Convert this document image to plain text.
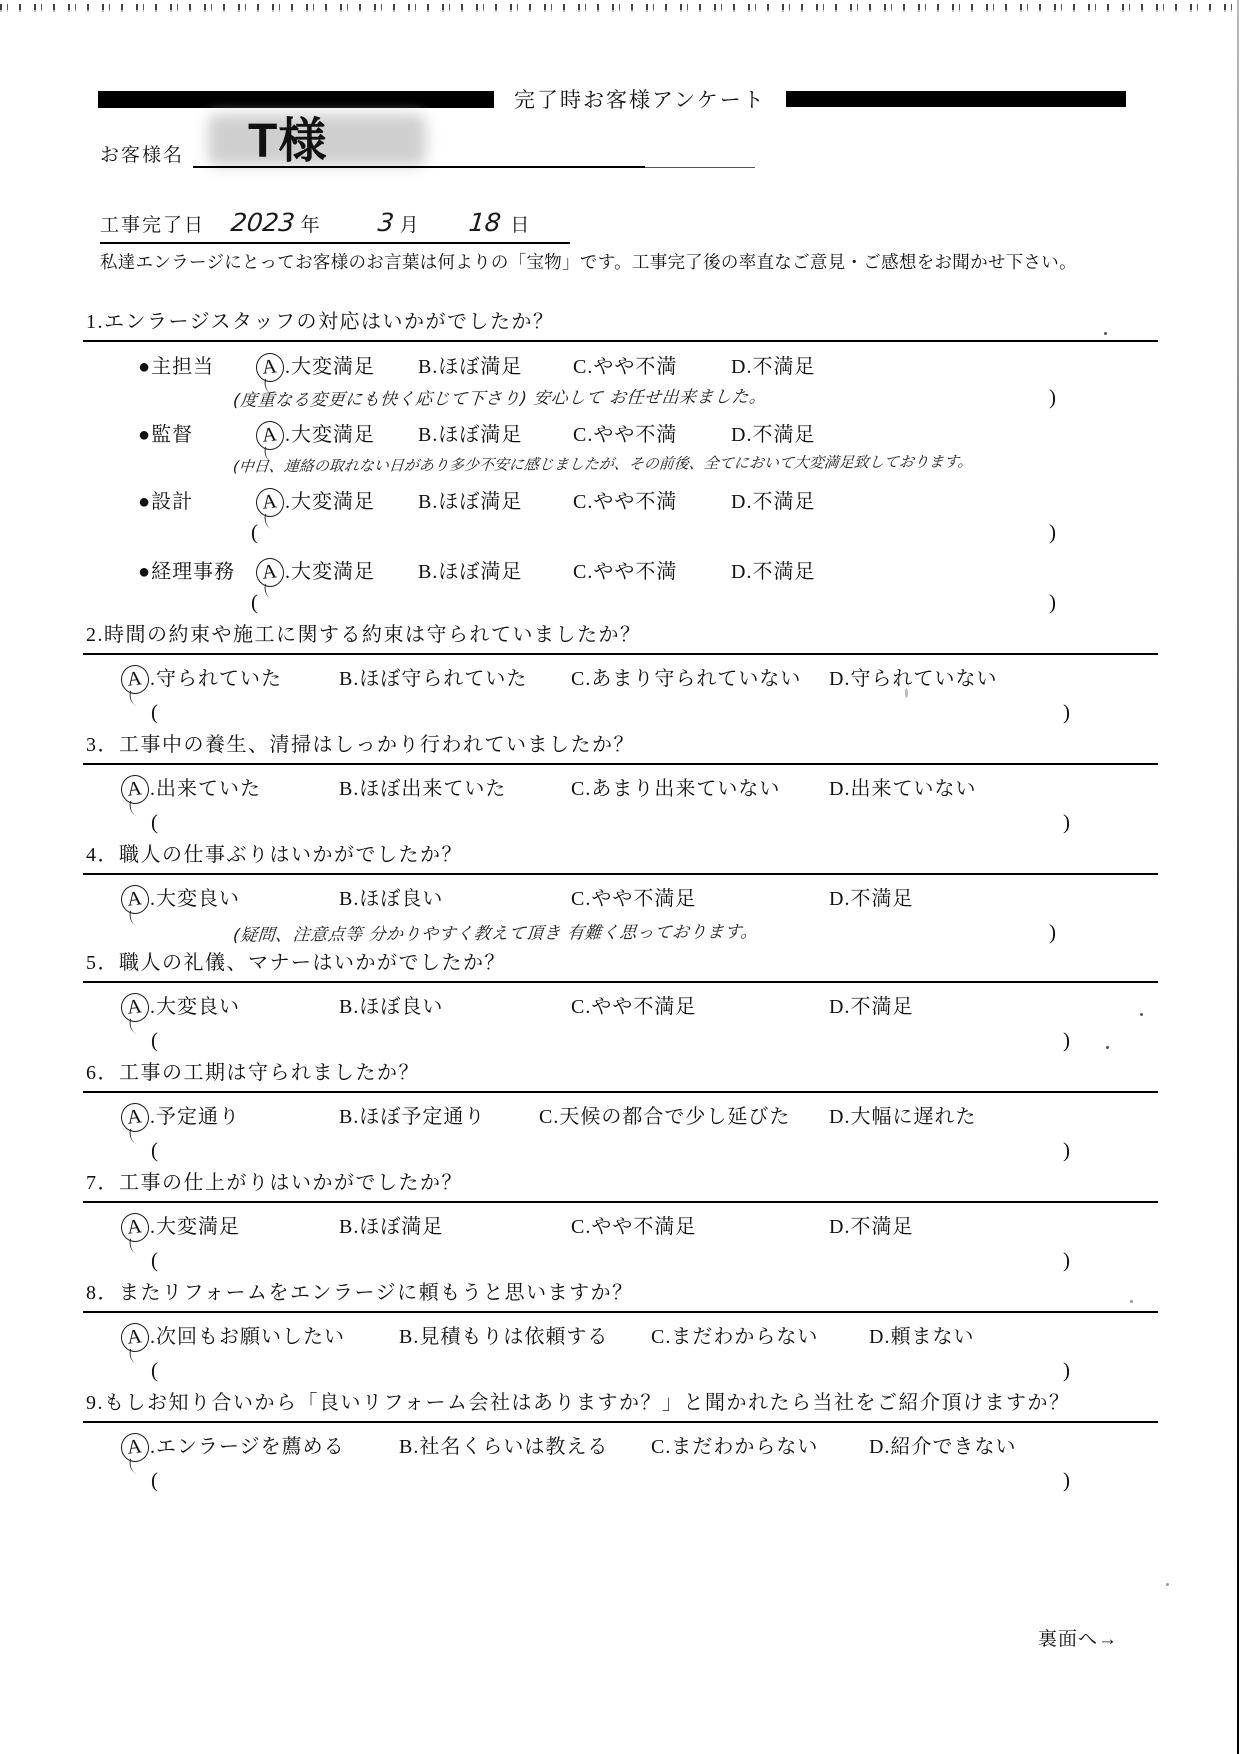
完了時お客様アンケート
お客様名 T様
工事完了日 2023 年 3 月 18 日
私達エンラージにとってお客様のお言葉は何よりの「宝物」です。工事完了後の率直なご意見・ご感想をお聞かせ下さい。
1.エンラージスタッフの対応はいかがでしたか？
●主担当	A .大変満足	B.ほぼ満足	C.やや不満	D.不満足
(度重なる変更にも快く応じて下さり) 安心して お任せ出来ました。	)
●監督	A .大変満足	B.ほぼ満足	C.やや不満	D.不満足
(中日、連絡の取れない日があり多少不安に感じましたが、その前後、全てにおいて大変満足致しております。
●設計	A .大変満足	B.ほぼ満足	C.やや不満	D.不満足
(	)
●経理事務	A .大変満足	B.ほぼ満足	C.やや不満	D.不満足
(	)
2.時間の約束や施工に関する約束は守られていましたか？
A .守られていた	B.ほぼ守られていた	C.あまり守られていない	D.守られていない
(	)
3．工事中の養生、清掃はしっかり行われていましたか？
A .出来ていた	B.ほぼ出来ていた	C.あまり出来ていない	D.出来ていない
(	)
4．職人の仕事ぶりはいかがでしたか？
A .大変良い	B.ほぼ良い	C.やや不満足	D.不満足
(疑問、注意点等 分かりやすく教えて頂き 有難く思っております。	)
5．職人の礼儀、マナーはいかがでしたか？
A .大変良い	B.ほぼ良い	C.やや不満足	D.不満足
(	)
6．工事の工期は守られましたか？
A .予定通り	B.ほぼ予定通り	C.天候の都合で少し延びた	D.大幅に遅れた
(	)
7．工事の仕上がりはいかがでしたか？
A .大変満足	B.ほぼ満足	C.やや不満足	D.不満足
(	)
8．またリフォームをエンラージに頼もうと思いますか？
A .次回もお願いしたい	B.見積もりは依頼する	C.まだわからない	D.頼まない
(	)
9.もしお知り合いから「良いリフォーム会社はありますか？」と聞かれたら当社をご紹介頂けますか？
A .エンラージを薦める	B.社名くらいは教える	C.まだわからない	D.紹介できない
(	)
裏面へ→
